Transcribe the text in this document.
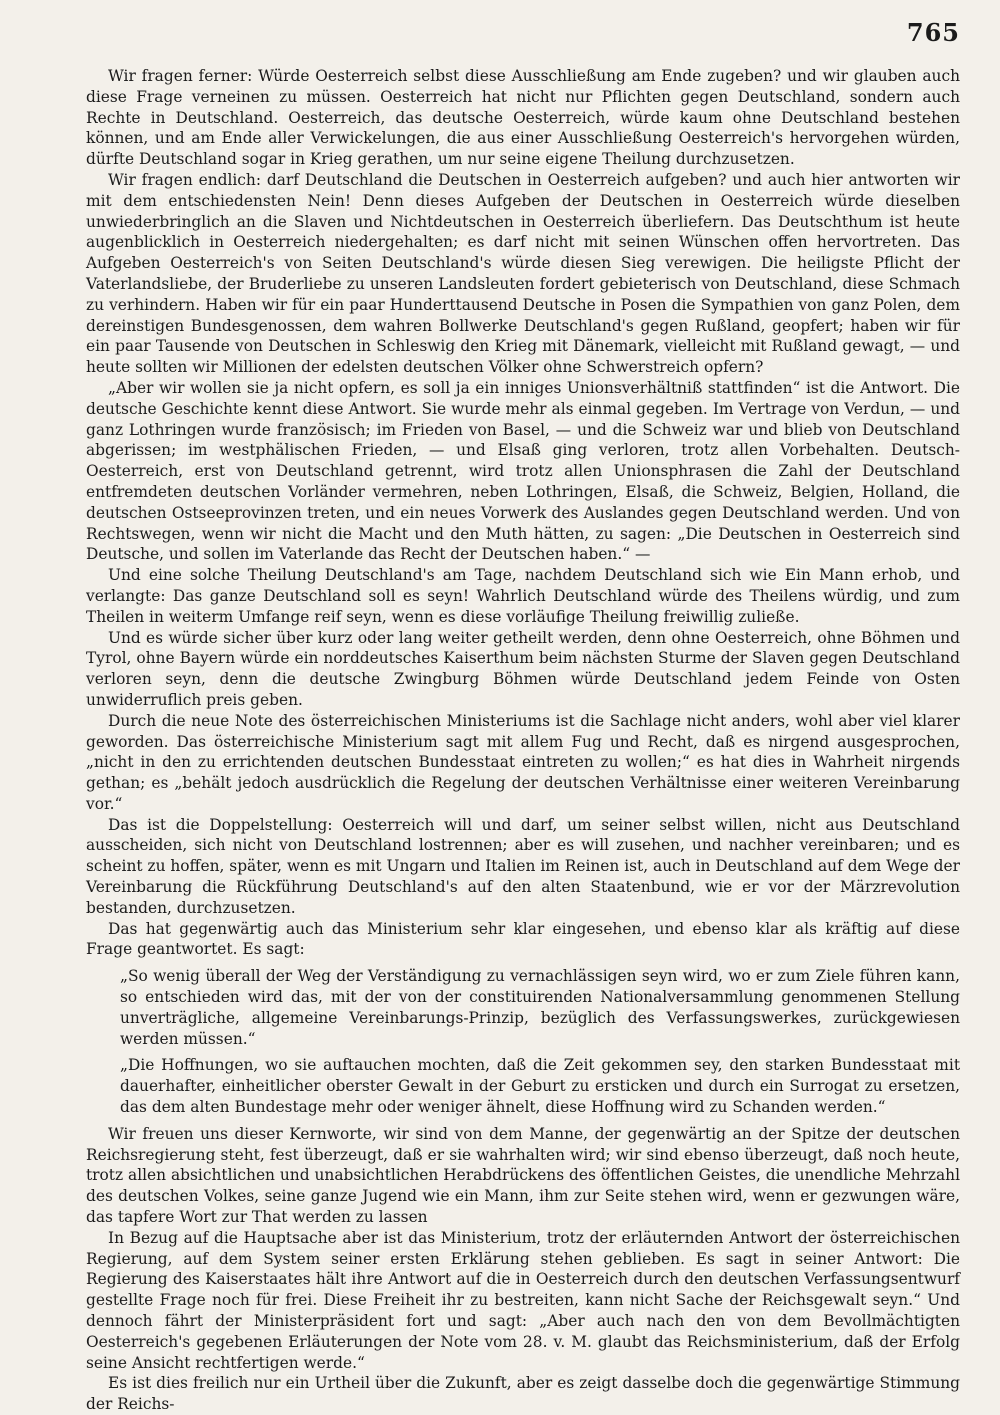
765

Wir fragen ferner: Würde Oesterreich selbst diese Ausschließung am Ende zugeben? und wir glauben auch diese Frage verneinen zu müssen. Oesterreich hat nicht nur Pflichten gegen Deutschland, sondern auch Rechte in Deutschland. Oesterreich, das deutsche Oesterreich, würde kaum ohne Deutschland bestehen können, und am Ende aller Verwickelungen, die aus einer Ausschließung Oesterreich's hervorgehen würden, dürfte Deutschland sogar in Krieg gerathen, um nur seine eigene Theilung durchzusetzen.

Wir fragen endlich: darf Deutschland die Deutschen in Oesterreich aufgeben? und auch hier antworten wir mit dem entschiedensten Nein! Denn dieses Aufgeben der Deutschen in Oesterreich würde dieselben unwiederbringlich an die Slaven und Nichtdeutschen in Oesterreich überliefern. Das Deutschthum ist heute augenblicklich in Oesterreich niedergehalten; es darf nicht mit seinen Wünschen offen hervortreten. Das Aufgeben Oesterreich's von Seiten Deutschland's würde diesen Sieg verewigen. Die heiligste Pflicht der Vaterlandsliebe, der Bruderliebe zu unseren Landsleuten fordert gebieterisch von Deutschland, diese Schmach zu verhindern. Haben wir für ein paar Hunderttausend Deutsche in Posen die Sympathien von ganz Polen, dem dereinstigen Bundesgenossen, dem wahren Bollwerke Deutschland's gegen Rußland, geopfert; haben wir für ein paar Tausende von Deutschen in Schleswig den Krieg mit Dänemark, vielleicht mit Rußland gewagt, — und heute sollten wir Millionen der edelsten deutschen Völker ohne Schwerstreich opfern?

„Aber wir wollen sie ja nicht opfern, es soll ja ein inniges Unionsverhältniß stattfinden“ ist die Antwort. Die deutsche Geschichte kennt diese Antwort. Sie wurde mehr als einmal gegeben. Im Vertrage von Verdun, — und ganz Lothringen wurde französisch; im Frieden von Basel, — und die Schweiz war und blieb von Deutschland abgerissen; im westphälischen Frieden, — und Elsaß ging verloren, trotz allen Vorbehalten. Deutsch-Oesterreich, erst von Deutschland getrennt, wird trotz allen Unionsphrasen die Zahl der Deutschland entfremdeten deutschen Vorländer vermehren, neben Lothringen, Elsaß, die Schweiz, Belgien, Holland, die deutschen Ostseeprovinzen treten, und ein neues Vorwerk des Auslandes gegen Deutschland werden. Und von Rechtswegen, wenn wir nicht die Macht und den Muth hätten, zu sagen: „Die Deutschen in Oesterreich sind Deutsche, und sollen im Vaterlande das Recht der Deutschen haben.“ —

Und eine solche Theilung Deutschland's am Tage, nachdem Deutschland sich wie Ein Mann erhob, und verlangte: Das ganze Deutschland soll es seyn! Wahrlich Deutschland würde des Theilens würdig, und zum Theilen in weiterm Umfange reif seyn, wenn es diese vorläufige Theilung freiwillig zuließe.

Und es würde sicher über kurz oder lang weiter getheilt werden, denn ohne Oesterreich, ohne Böhmen und Tyrol, ohne Bayern würde ein norddeutsches Kaiserthum beim nächsten Sturme der Slaven gegen Deutschland verloren seyn, denn die deutsche Zwingburg Böhmen würde Deutschland jedem Feinde von Osten unwiderruflich preis geben.

Durch die neue Note des österreichischen Ministeriums ist die Sachlage nicht anders, wohl aber viel klarer geworden. Das österreichische Ministerium sagt mit allem Fug und Recht, daß es nirgend ausgesprochen, „nicht in den zu errichtenden deutschen Bundesstaat eintreten zu wollen;“ es hat dies in Wahrheit nirgends gethan; es „behält jedoch ausdrücklich die Regelung der deutschen Verhältnisse einer weiteren Vereinbarung vor.“

Das ist die Doppelstellung: Oesterreich will und darf, um seiner selbst willen, nicht aus Deutschland ausscheiden, sich nicht von Deutschland lostrennen; aber es will zusehen, und nachher vereinbaren; und es scheint zu hoffen, später, wenn es mit Ungarn und Italien im Reinen ist, auch in Deutschland auf dem Wege der Vereinbarung die Rückführung Deutschland's auf den alten Staatenbund, wie er vor der Märzrevolution bestanden, durchzusetzen.

Das hat gegenwärtig auch das Ministerium sehr klar eingesehen, und ebenso klar als kräftig auf diese Frage geantwortet. Es sagt:

„So wenig überall der Weg der Verständigung zu vernachlässigen seyn wird, wo er zum Ziele führen kann, so entschieden wird das, mit der von der constituirenden Nationalversammlung genommenen Stellung unverträgliche, allgemeine Vereinbarungs-Prinzip, bezüglich des Verfassungswerkes, zurückgewiesen werden müssen.“

„Die Hoffnungen, wo sie auftauchen mochten, daß die Zeit gekommen sey, den starken Bundesstaat mit dauerhafter, einheitlicher oberster Gewalt in der Geburt zu ersticken und durch ein Surrogat zu ersetzen, das dem alten Bundestage mehr oder weniger ähnelt, diese Hoffnung wird zu Schanden werden.“

Wir freuen uns dieser Kernworte, wir sind von dem Manne, der gegenwärtig an der Spitze der deutschen Reichsregierung steht, fest überzeugt, daß er sie wahrhalten wird; wir sind ebenso überzeugt, daß noch heute, trotz allen absichtlichen und unabsichtlichen Herabdrückens des öffentlichen Geistes, die unendliche Mehrzahl des deutschen Volkes, seine ganze Jugend wie ein Mann, ihm zur Seite stehen wird, wenn er gezwungen wäre, das tapfere Wort zur That werden zu lassen

In Bezug auf die Hauptsache aber ist das Ministerium, trotz der erläuternden Antwort der österreichischen Regierung, auf dem System seiner ersten Erklärung stehen geblieben. Es sagt in seiner Antwort: Die Regierung des Kaiserstaates hält ihre Antwort auf die in Oesterreich durch den deutschen Verfassungsentwurf gestellte Frage noch für frei. Diese Freiheit ihr zu bestreiten, kann nicht Sache der Reichsgewalt seyn.“ Und dennoch fährt der Ministerpräsident fort und sagt: „Aber auch nach den von dem Bevollmächtigten Oesterreich's gegebenen Erläuterungen der Note vom 28. v. M. glaubt das Reichsministerium, daß der Erfolg seine Ansicht rechtfertigen werde.“

Es ist dies freilich nur ein Urtheil über die Zukunft, aber es zeigt dasselbe doch die gegenwärtige Stimmung der Reichs-
